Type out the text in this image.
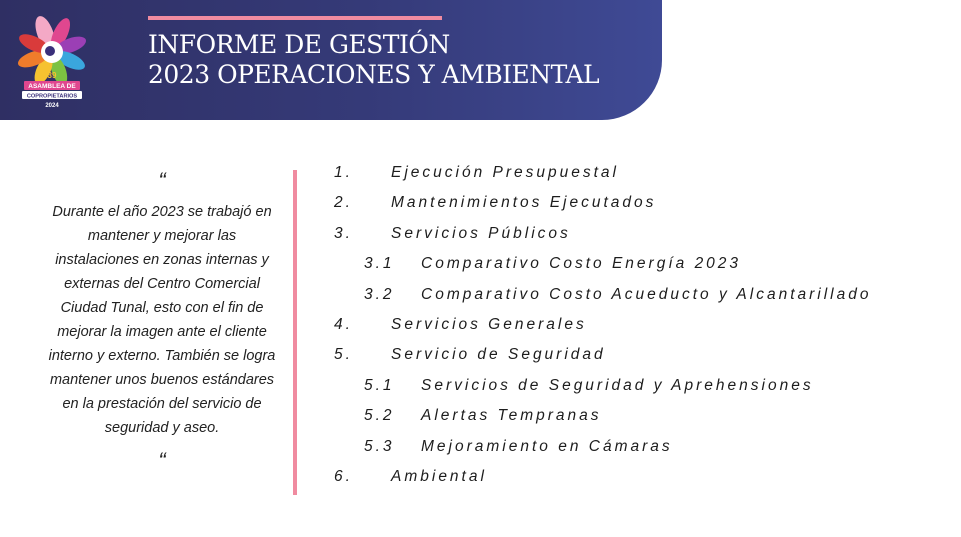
39
ASAMBLEA DE
COPROPIETARIOS
2024
INFORME DE GESTIÓN
2023 OPERACIONES Y AMBIENTAL
“
Durante el año 2023 se trabajó en mantener y mejorar las instalaciones en zonas internas y externas del Centro Comercial Ciudad Tunal, esto con el fin de mejorar la imagen ante el cliente interno y externo. También se logra mantener unos buenos estándares en la prestación del servicio de seguridad y aseo.
“
1. Ejecución Presupuestal
2. Mantenimientos Ejecutados
3. Servicios Públicos
3.1 Comparativo Costo Energía 2023
3.2 Comparativo Costo Acueducto y Alcantarillado
4. Servicios Generales
5. Servicio de Seguridad
5.1 Servicios de Seguridad y Aprehensiones
5.2 Alertas Tempranas
5.3 Mejoramiento en Cámaras
6. Ambiental
